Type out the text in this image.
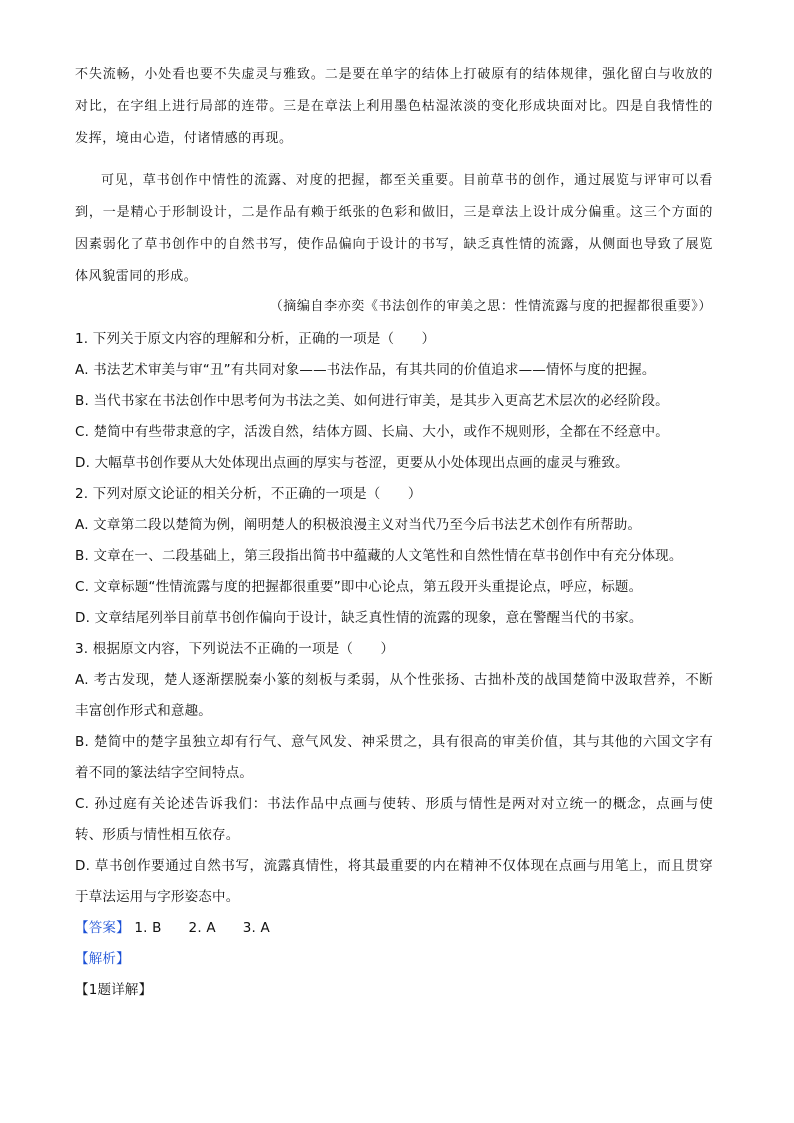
不失流畅，小处看也要不失虚灵与雅致。二是要在单字的结体上打破原有的结体规律，强化留白与收放的
对比，在字组上进行局部的连带。三是在章法上利用墨色枯湿浓淡的变化形成块面对比。四是自我情性的
发挥，境由心造，付诸情感的再现。
可见，草书创作中情性的流露、对度的把握，都至关重要。目前草书的创作，通过展览与评审可以看
到，一是精心于形制设计，二是作品有赖于纸张的色彩和做旧，三是章法上设计成分偏重。这三个方面的
因素弱化了草书创作中的自然书写，使作品偏向于设计的书写，缺乏真性情的流露，从侧面也导致了展览
体风貌雷同的形成。
（摘编自李亦奕《书法创作的审美之思：性情流露与度的把握都很重要》）
1. 下列关于原文内容的理解和分析，正确的一项是（　　）
A. 书法艺术审美与审“丑”有共同对象——书法作品，有其共同的价值追求——情怀与度的把握。
B. 当代书家在书法创作中思考何为书法之美、如何进行审美，是其步入更高艺术层次的必经阶段。
C. 楚简中有些带隶意的字，活泼自然，结体方圆、长扁、大小，或作不规则形，全都在不经意中。
D. 大幅草书创作要从大处体现出点画的厚实与苍涩，更要从小处体现出点画的虚灵与雅致。
2. 下列对原文论证的相关分析，不正确的一项是（　　）
A. 文章第二段以楚简为例，阐明楚人的积极浪漫主义对当代乃至今后书法艺术创作有所帮助。
B. 文章在一、二段基础上，第三段指出简书中蕴藏的人文笔性和自然性情在草书创作中有充分体现。
C. 文章标题“性情流露与度的把握都很重要”即中心论点，第五段开头重提论点，呼应，标题。
D. 文章结尾列举目前草书创作偏向于设计，缺乏真性情的流露的现象，意在警醒当代的书家。
3. 根据原文内容，下列说法不正确的一项是（　　）
A. 考古发现，楚人逐渐摆脱秦小篆的刻板与柔弱，从个性张扬、古拙朴茂的战国楚简中汲取营养，不断
丰富创作形式和意趣。
B. 楚简中的楚字虽独立却有行气、意气风发、神采贯之，具有很高的审美价值，其与其他的六国文字有
着不同的篆法结字空间特点。
C. 孙过庭有关论述告诉我们：书法作品中点画与使转、形质与情性是两对对立统一的概念，点画与使
转、形质与情性相互依存。
D. 草书创作要通过自然书写，流露真情性，将其最重要的内在精神不仅体现在点画与用笔上，而且贯穿
于草法运用与字形姿态中。
【答案】 1. B 2. A 3. A
【解析】
【1题详解】
